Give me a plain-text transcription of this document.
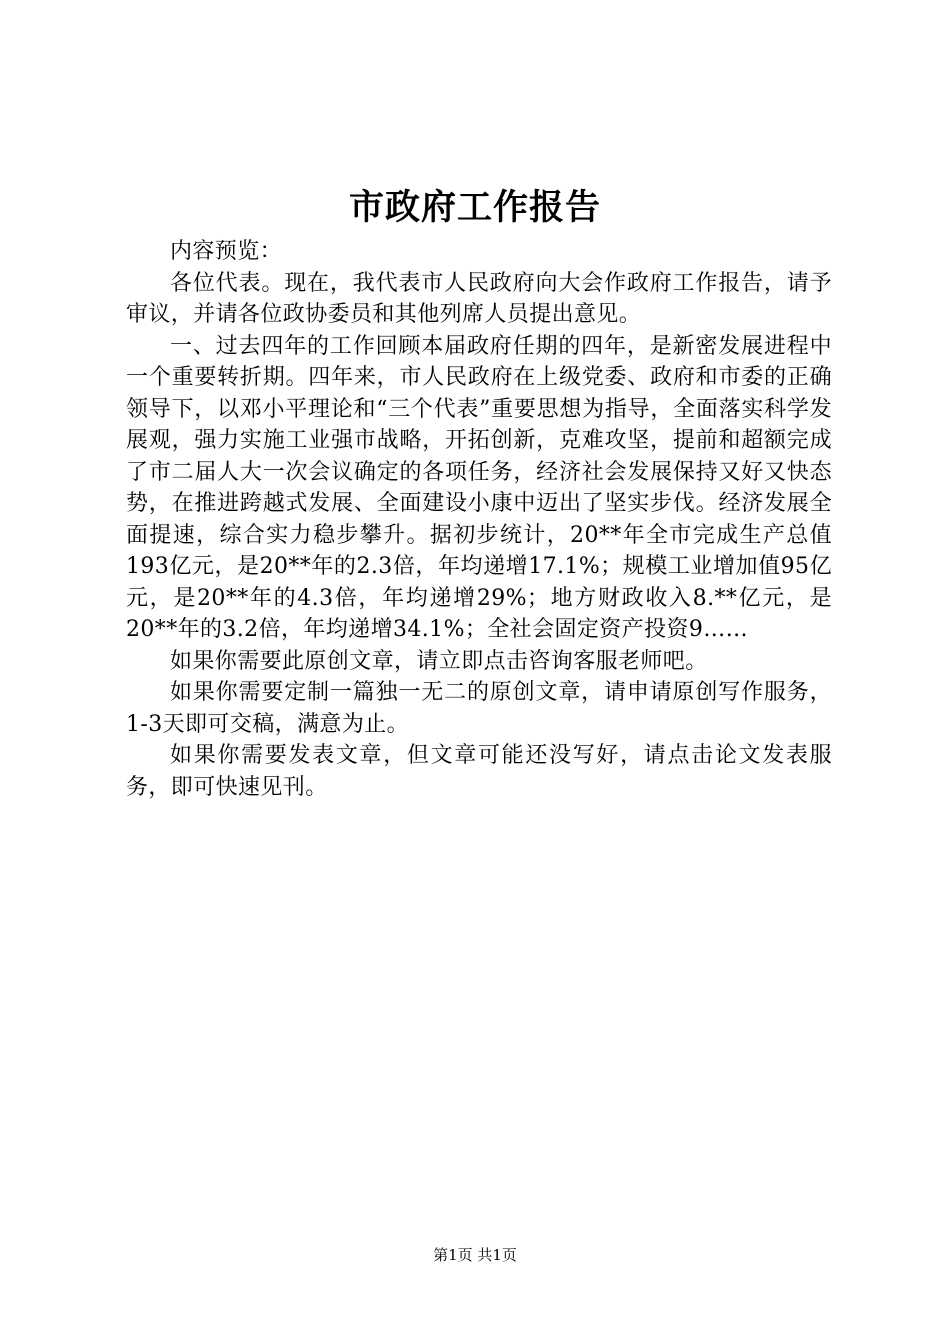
市政府工作报告

内容预览：

各位代表。现在，我代表市人民政府向大会作政府工作报告，请予审议，并请各位政协委员和其他列席人员提出意见。

一、过去四年的工作回顾本届政府任期的四年，是新密发展进程中一个重要转折期。四年来，市人民政府在上级党委、政府和市委的正确领导下，以邓小平理论和“三个代表”重要思想为指导，全面落实科学发展观，强力实施工业强市战略，开拓创新，克难攻坚，提前和超额完成了市二届人大一次会议确定的各项任务，经济社会发展保持又好又快态势，在推进跨越式发展、全面建设小康中迈出了坚实步伐。经济发展全面提速，综合实力稳步攀升。据初步统计，20**年全市完成生产总值193亿元，是20**年的2.3倍，年均递增17.1%；规模工业增加值95亿元，是20**年的4.3倍，年均递增29%；地方财政收入8.**亿元，是20**年的3.2倍，年均递增34.1%；全社会固定资产投资9……

如果你需要此原创文章，请立即点击咨询客服老师吧。

如果你需要定制一篇独一无二的原创文章，请申请原创写作服务，1-3天即可交稿，满意为止。

如果你需要发表文章，但文章可能还没写好，请点击论文发表服务，即可快速见刊。

第1页 共1页
